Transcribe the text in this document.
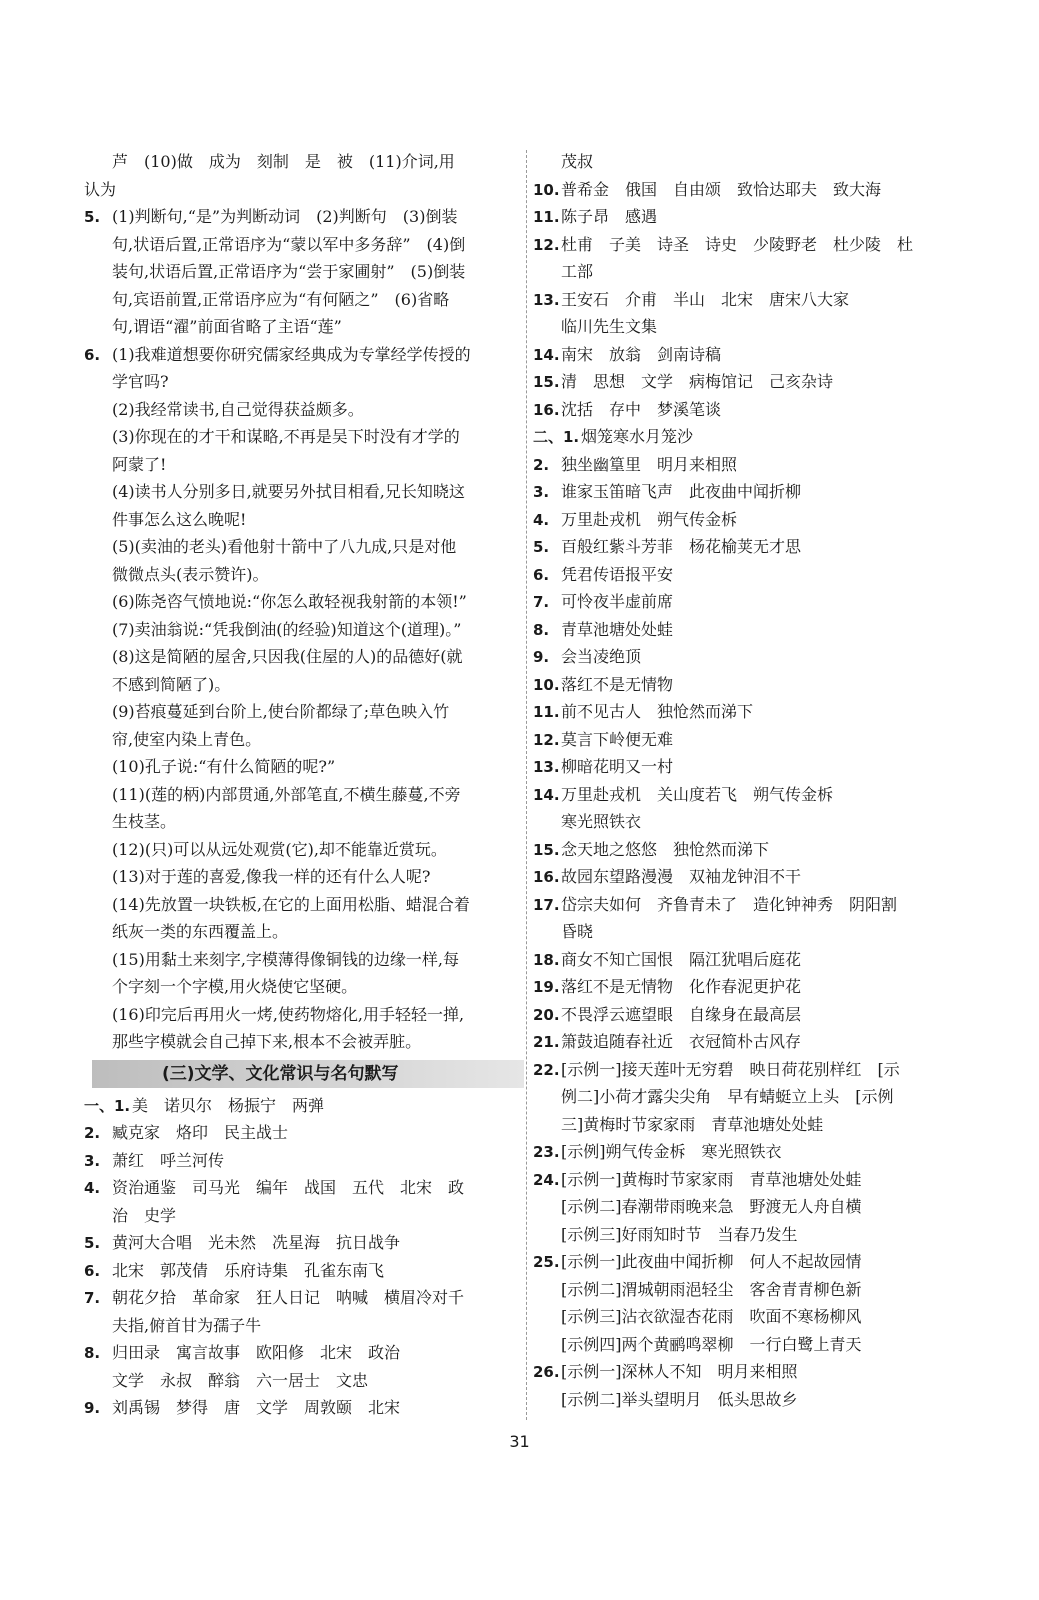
芦　(10)做　成为　刻制　是　被　(11)介词,用
认为
5. (1)判断句,“是”为判断动词　(2)判断句　(3)倒装
句,状语后置,正常语序为“蒙以军中多务辞”　(4)倒
装句,状语后置,正常语序为“尝于家圃射”　(5)倒装
句,宾语前置,正常语序应为“有何陋之”　(6)省略
句,谓语“濯”前面省略了主语“莲”
6. (1)我难道想要你研究儒家经典成为专掌经学传授的
学官吗?
(2)我经常读书,自己觉得获益颇多。
(3)你现在的才干和谋略,不再是吴下时没有才学的
阿蒙了!
(4)读书人分别多日,就要另外拭目相看,兄长知晓这
件事怎么这么晚呢!
(5)(卖油的老头)看他射十箭中了八九成,只是对他
微微点头(表示赞许)。
(6)陈尧咨气愤地说:“你怎么敢轻视我射箭的本领!”
(7)卖油翁说:“凭我倒油(的经验)知道这个(道理)。”
(8)这是简陋的屋舍,只因我(住屋的人)的品德好(就
不感到简陋了)。
(9)苔痕蔓延到台阶上,使台阶都绿了;草色映入竹
帘,使室内染上青色。
(10)孔子说:“有什么简陋的呢?”
(11)(莲的柄)内部贯通,外部笔直,不横生藤蔓,不旁
生枝茎。
(12)(只)可以从远处观赏(它),却不能靠近赏玩。
(13)对于莲的喜爱,像我一样的还有什么人呢?
(14)先放置一块铁板,在它的上面用松脂、蜡混合着
纸灰一类的东西覆盖上。
(15)用黏土来刻字,字模薄得像铜钱的边缘一样,每
个字刻一个字模,用火烧使它坚硬。
(16)印完后再用火一烤,使药物熔化,用手轻轻一掸,
那些字模就会自己掉下来,根本不会被弄脏。
(三)文学、文化常识与名句默写
一、1. 美　诺贝尔　杨振宁　两弹
2. 臧克家　烙印　民主战士
3. 萧红　呼兰河传
4. 资治通鉴　司马光　编年　战国　五代　北宋　政
治　史学
5. 黄河大合唱　光未然　冼星海　抗日战争
6. 北宋　郭茂倩　乐府诗集　孔雀东南飞
7. 朝花夕拾　革命家　狂人日记　呐喊　横眉冷对千
夫指,俯首甘为孺子牛
8. 归田录　寓言故事　欧阳修　北宋　政治
文学　永叔　醉翁　六一居士　文忠
9. 刘禹锡　梦得　唐　文学　周敦颐　北宋
茂叔
10.普希金　俄国　自由颂　致恰达耶夫　致大海
11.陈子昂　感遇
12.杜甫　子美　诗圣　诗史　少陵野老　杜少陵　杜
工部
13.王安石　介甫　半山　北宋　唐宋八大家
临川先生文集
14.南宋　放翁　剑南诗稿
15.清　思想　文学　病梅馆记　己亥杂诗
16.沈括　存中　梦溪笔谈
二、1. 烟笼寒水月笼沙
2. 独坐幽篁里　明月来相照
3. 谁家玉笛暗飞声　此夜曲中闻折柳
4. 万里赴戎机　朔气传金柝
5. 百般红紫斗芳菲　杨花榆荚无才思
6. 凭君传语报平安
7. 可怜夜半虚前席
8. 青草池塘处处蛙
9. 会当凌绝顶
10.落红不是无情物
11.前不见古人　独怆然而涕下
12.莫言下岭便无难
13.柳暗花明又一村
14.万里赴戎机　关山度若飞　朔气传金柝
寒光照铁衣
15.念天地之悠悠　独怆然而涕下
16.故园东望路漫漫　双袖龙钟泪不干
17.岱宗夫如何　齐鲁青未了　造化钟神秀　阴阳割
昏晓
18.商女不知亡国恨　隔江犹唱后庭花
19.落红不是无情物　化作春泥更护花
20.不畏浮云遮望眼　自缘身在最高层
21.箫鼓追随春社近　衣冠简朴古风存
22.[示例一]接天莲叶无穷碧　映日荷花别样红　[示
例二]小荷才露尖尖角　早有蜻蜓立上头　[示例
三]黄梅时节家家雨　青草池塘处处蛙
23.[示例]朔气传金柝　寒光照铁衣
24.[示例一]黄梅时节家家雨　青草池塘处处蛙
[示例二]春潮带雨晚来急　野渡无人舟自横
[示例三]好雨知时节　当春乃发生
25.[示例一]此夜曲中闻折柳　何人不起故园情
[示例二]渭城朝雨浥轻尘　客舍青青柳色新
[示例三]沾衣欲湿杏花雨　吹面不寒杨柳风
[示例四]两个黄鹂鸣翠柳　一行白鹭上青天
26.[示例一]深林人不知　明月来相照
[示例二]举头望明月　低头思故乡
31
